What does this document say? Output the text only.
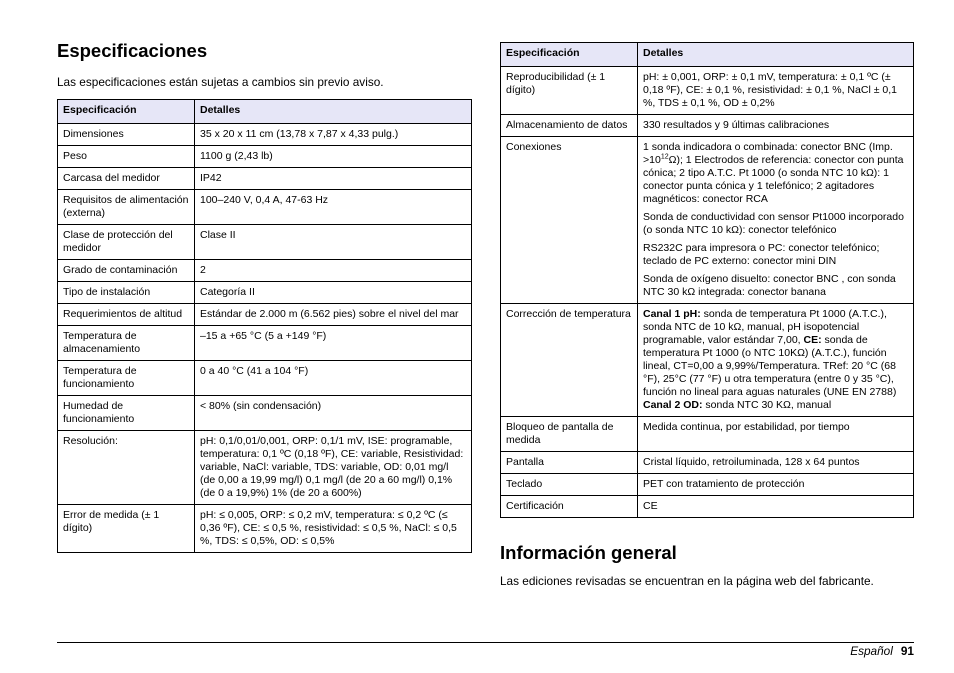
Especificaciones

Las especificaciones están sujetas a cambios sin previo aviso.

Especificación	Detalles
Dimensiones	35 x 20 x 11 cm (13,78 x 7,87 x 4,33 pulg.)
Peso	1100 g (2,43 lb)
Carcasa del medidor	IP42
Requisitos de alimentación (externa)	100–240 V, 0,4 A, 47-63 Hz
Clase de protección del medidor	Clase II
Grado de contaminación	2
Tipo de instalación	Categoría II
Requerimientos de altitud	Estándar de 2.000 m (6.562 pies) sobre el nivel del mar
Temperatura de almacenamiento	–15 a +65 °C (5 a +149 °F)
Temperatura de funcionamiento	0 a 40 °C (41 a 104 °F)
Humedad de funcionamiento	< 80% (sin condensación)
Resolución:	pH: 0,1/0,01/0,001, ORP: 0,1/1 mV, ISE: programable, temperatura: 0,1 ºC (0,18 ºF), CE: variable, Resistividad: variable, NaCl: variable, TDS: variable, OD: 0,01 mg/l (de 0,00 a 19,99 mg/l) 0,1 mg/l (de 20 a 60 mg/l) 0,1% (de 0 a 19,9%) 1% (de 20 a 600%)
Error de medida (± 1 dígito)	pH: ≤ 0,005, ORP: ≤ 0,2 mV, temperatura: ≤ 0,2 ºC (≤ 0,36 ºF), CE: ≤ 0,5 %, resistividad: ≤ 0,5 %, NaCl: ≤ 0,5 %, TDS: ≤ 0,5%, OD: ≤ 0,5%
Especificación	Detalles
Reproducibilidad (± 1 dígito)	pH: ± 0,001, ORP: ± 0,1 mV, temperatura: ± 0,1 ºC (± 0,18 ºF), CE: ± 0,1 %, resistividad: ± 0,1 %, NaCl ± 0,1 %, TDS ± 0,1 %, OD ± 0,2%
Almacenamiento de datos	330 resultados y 9 últimas calibraciones
Conexiones	1 sonda indicadora o combinada: conector BNC (Imp. $>10^{12}\Omega$); 1 Electrodos de referencia: conector con punta cónica; 2 tipo A.T.C. Pt 1000 (o sonda NTC 10 kΩ): 1 conector punta cónica y 1 telefónico; 2 agitadores magnéticos: conector RCA
Sonda de conductividad con sensor Pt1000 incorporado (o sonda NTC 10 kΩ): conector telefónico
RS232C para impresora o PC: conector telefónico; teclado de PC externo: conector mini DIN
Sonda de oxígeno disuelto: conector BNC , con sonda NTC 30 kΩ integrada: conector banana

Corrección de temperatura	Canal 1 pH: sonda de temperatura Pt 1000 (A.T.C.), sonda NTC de 10 kΩ, manual, pH isopotencial programable, valor estándar 7,00, CE: sonda de temperatura Pt 1000 (o NTC 10KΩ) (A.T.C.), función lineal, CT=0,00 a 9,99%/Temperatura. TRef: 20 °C (68 °F), 25°C (77 °F) u otra temperatura (entre 0 y 35 °C), función no lineal para aguas naturales (UNE EN 2788) Canal 2 OD: sonda NTC 30 KΩ, manual
Bloqueo de pantalla de medida	Medida continua, por estabilidad, por tiempo
Pantalla	Cristal líquido, retroiluminada, 128 x 64 puntos
Teclado	PET con tratamiento de protección
Certificación	CE
Información general

Las ediciones revisadas se encuentran en la página web del fabricante.

Español 91
